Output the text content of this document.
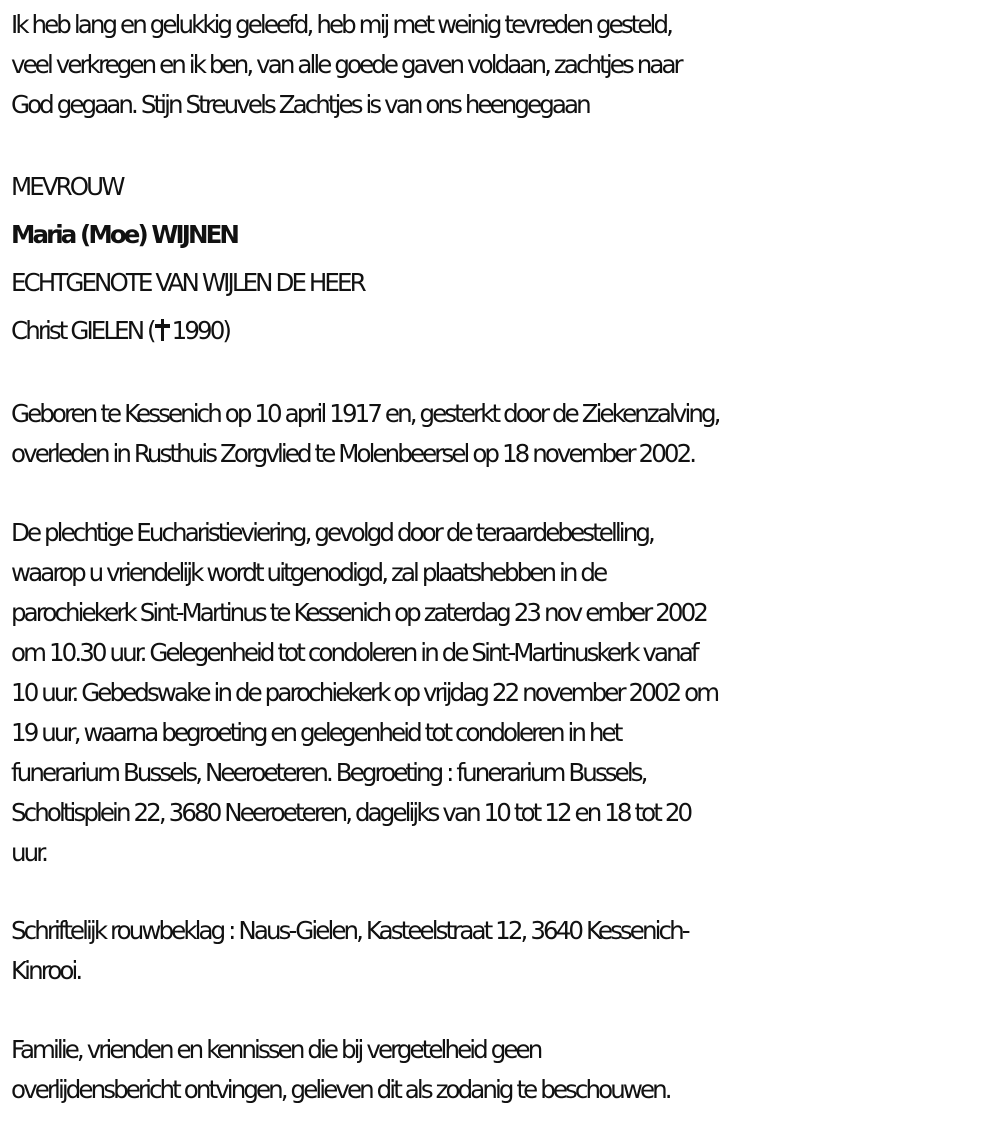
Ik heb lang en gelukkig geleefd, heb mij met weinig tevreden gesteld,
veel verkregen en ik ben, van alle goede gaven voldaan, zachtjes naar
God gegaan. Stijn Streuvels Zachtjes is van ons heengegaan

MEVROUW

Maria (Moe) WIJNEN

ECHTGENOTE VAN WIJLEN DE HEER

Christ GIELEN ( 1990)

Geboren te Kessenich op 10 april 1917 en, gesterkt door de Ziekenzalving,
overleden in Rusthuis Zorgvlied te Molenbeersel op 18 november 2002.

De plechtige Eucharistieviering, gevolgd door de teraardebestelling,
waarop u vriendelijk wordt uitgenodigd, zal plaatshebben in de
parochiekerk Sint-Martinus te Kessenich op zaterdag 23 nov ember 2002
om 10.30 uur. Gelegenheid tot condoleren in de Sint-Martinuskerk vanaf
10 uur. Gebedswake in de parochiekerk op vrijdag 22 november 2002 om
19 uur, waarna begroeting en gelegenheid tot condoleren in het
funerarium Bussels, Neeroeteren. Begroeting : funerarium Bussels,
Scholtisplein 22, 3680 Neeroeteren, dagelijks van 10 tot 12 en 18 tot 20
uur.

Schriftelijk rouwbeklag : Naus-Gielen, Kasteelstraat 12, 3640 Kessenich-
Kinrooi.

Familie, vrienden en kennissen die bij vergetelheid geen
overlijdensbericht ontvingen, gelieven dit als zodanig te beschouwen.
